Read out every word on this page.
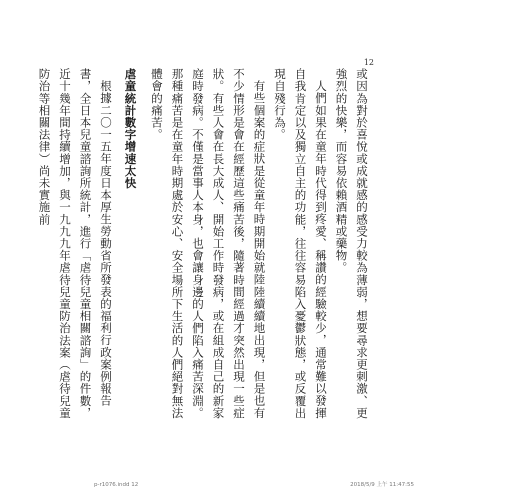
12
或因為對於喜悅或成就感的感受力較為薄弱，想要尋求更刺激、更強烈的快樂，而容易依賴酒精或藥物。
人們如果在童年時代得到疼愛、稱讚的經驗較少，通常難以發揮自我肯定以及獨立自主的功能，往往容易陷入憂鬱狀態，或反覆出現自殘行為。
有些個案的症狀是從童年時期開始就陸陸續續地出現，但是也有不少情形是會在經歷這些痛苦後，隨著時間經過才突然出現一些症狀。有些人會在長大成人、開始工作時發病，或在組成自己的新家庭時發病。不僅是當事人本身，也會讓身邊的人們陷入痛苦深淵。那種痛苦是在童年時期處於安心、安全場所下生活的人們絕對無法體會的痛苦。
虐童統計數字增速太快
根據二〇一五年度日本厚生勞動省所發表的福利行政案例報告書，全日本兒童諮詢所統計，進行「虐待兒童相關諮詢」的件數，近十幾年間持續增加，與一九九九年虐待兒童防治法案（虐待兒童防治等相關法律）尚未實施前
p-r1076.indd 12	2018/5/9 上午 11:47:55
